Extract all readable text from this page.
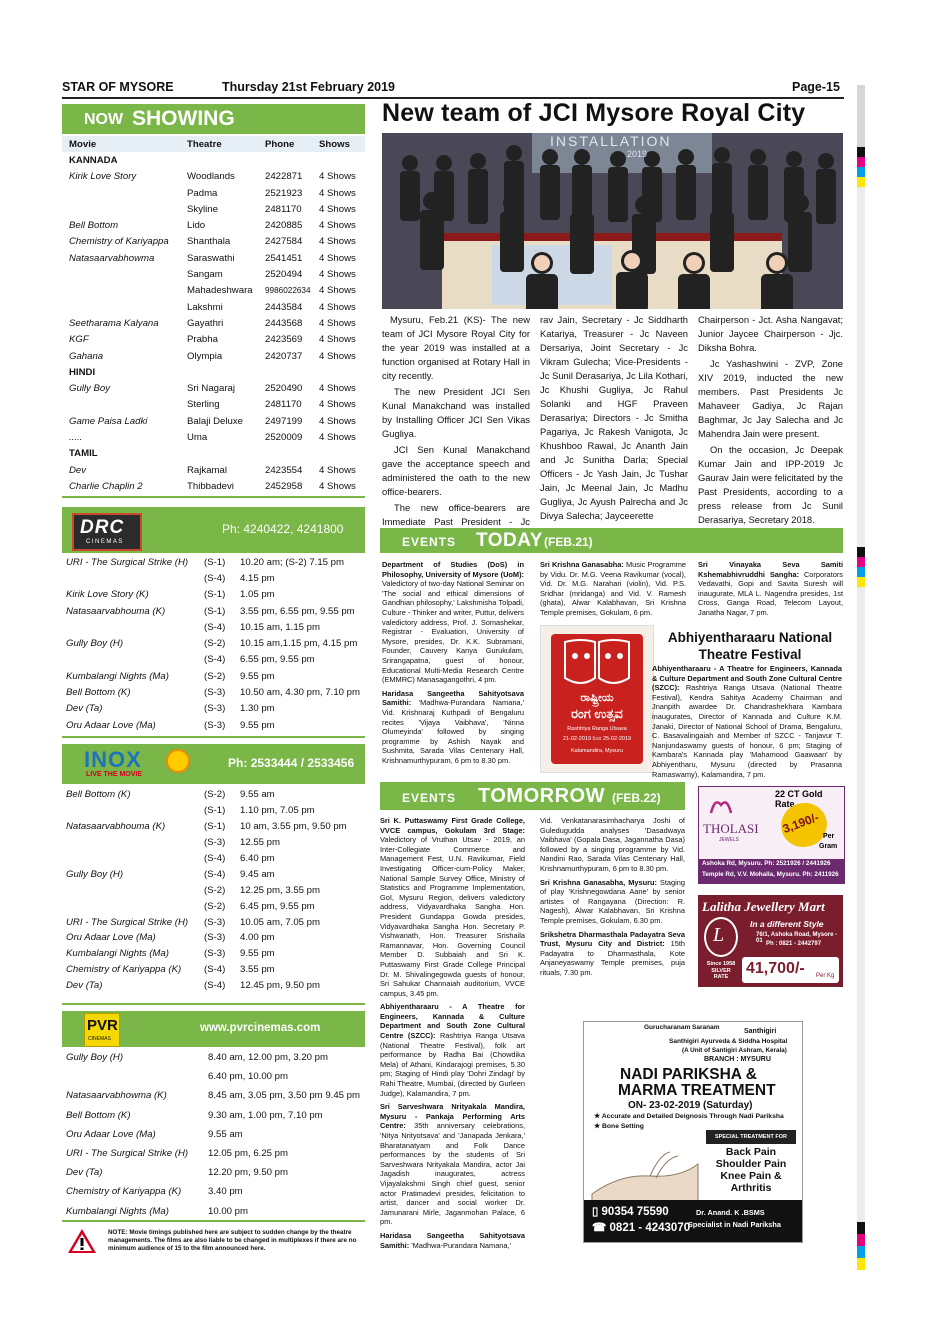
STAR OF MYSORE	Thursday 21st February 2019	Page-15
NOW SHOWING
Movie	Theatre	Phone	Shows
KANNADA			
Kirik Love Story	Woodlands	2422871	4 Shows
	Padma	2521923	4 Shows
	Skyline	2481170	4 Shows
Bell Bottom	Lido	2420885	4 Shows
Chemistry of Kariyappa	Shanthala	2427584	4 Shows
Natasaarvabhowma	Saraswathi	2541451	4 Shows
	Sangam	2520494	4 Shows
	Mahadeshwara	9986022634	4 Shows
	Lakshmi	2443584	4 Shows
Seetharama Kalyana	Gayathri	2443568	4 Shows
KGF	Prabha	2423569	4 Shows
Gahana	Olympia	2420737	4 Shows
HINDI			
Gully Boy	Sri Nagaraj	2520490	4 Shows
	Sterling	2481170	4 Shows
Game Paisa Ladki	Balaji Deluxe	2497199	4 Shows
.....	Uma	2520009	4 Shows
TAMIL			
Dev	Rajkamal	2423554	4 Shows
Charlie Chaplin 2	Thibbadevi	2452958	4 Shows
DRC
CINEMAS
Ph: 4240422, 4241800
URI - The Surgical Strike (H)	(S-1)	10.20 am; (S-2) 7.15 pm
	(S-4)	4.15 pm
Kirik Love Story (K)	(S-1)	1.05 pm
Natasaarvabhouma (K)	(S-1)	3.55 pm, 6.55 pm, 9.55 pm
	(S-4)	10.15 am, 1.15 pm
Gully Boy (H)	(S-2)	10.15 am,1.15 pm, 4.15 pm
	(S-4)	6.55 pm, 9.55 pm
Kumbalangi Nights (Ma)	(S-2)	9.55 pm
Bell Bottom (K)	(S-3)	10.50 am, 4.30 pm, 7.10 pm
Dev (Ta)	(S-3)	1.30 pm
Oru Adaar Love (Ma)	(S-3)	9.55 pm
INOX
LIVE THE MOVIE
Ph: 2533444 / 2533456
Bell Bottom (K)	(S-2)	9.55 am
	(S-1)	1.10 pm, 7.05 pm
Natasaarvabhouma (K)	(S-1)	10 am, 3.55 pm, 9.50 pm
	(S-3)	12.55 pm
	(S-4)	6.40 pm
Gully Boy (H)	(S-4)	9.45 am
	(S-2)	12.25 pm, 3.55 pm
	(S-2)	6.45 pm, 9.55 pm
URI - The Surgical Strike (H)	(S-3)	10.05 am, 7.05 pm
Oru Adaar Love (Ma)	(S-3)	4.00 pm
Kumbalangi Nights (Ma)	(S-3)	9.55 pm
Chemistry of Kariyappa (K)	(S-4)	3.55 pm
Dev (Ta)	(S-4)	12.45 pm, 9.50 pm
PVR
CINEMAS
www.pvrcinemas.com
Gully Boy (H)	8.40 am, 12.00 pm, 3.20 pm
	6.40 pm, 10.00 pm
Natasaarvabhowma (K)	8.45 am, 3.05 pm, 3.50 pm 9.45 pm
Bell Bottom (K)	9.30 am, 1.00 pm, 7.10 pm
Oru Adaar Love (Ma)	9.55 am
URI - The Surgical Strike (H)	12.05 pm, 6.25 pm
Dev (Ta)	12.20 pm, 9.50 pm
Chemistry of Kariyappa (K)	3.40 pm
Kumbalangi Nights (Ma)	10.00 pm
NOTE: Movie timings published here are subject to sudden change by the theatre managements. The films are also liable to be changed in multiplexes if there are no minimum audience of 15 to the film announced here.
New team of JCI Mysore Royal City
INSTALLATION
2019

Mysuru, Feb.21 (KS)- The new team of JCI Mysore Royal City for the year 2019 was installed at a function organised at Rotary Hall in city recently.

The new President JCI Sen Kunal Manakchand was installed by Installing Officer JCI Sen Vikas Gugliya.

JCI Sen Kunal Manakchand gave the acceptance speech and administered the oath to the new office-bearers.

The new office-bearers are Immediate Past President - Jc

rav Jain, Secretary - Jc Siddharth Katariya, Treasurer - Jc Naveen Dersariya, Joint Secretary - Jc Vikram Gulecha; Vice-Presidents - Jc Sunil Derasariya, Jc Lila Kothari, Jc Khushi Gugliya, Jc Rahul Solanki and HGF Praveen Derasariya; Directors - Jc Smitha Pagariya, Jc Rakesh Vanigota, Jc Khushboo Rawal, Jc Ananth Jain and Jc Sunitha Darla; Special Officers - Jc Yash Jain, Jc Tushar Jain, Jc Meenal Jain, Jc Madhu Gugliya, Jc Ayush Palrecha and Jc Divya Salecha; Jayceerette

Chairperson - Jct. Asha Nangavat; Junior Jaycee Chairperson - Jjc. Diksha Bohra.

Jc Yashashwini - ZVP, Zone XIV 2019, inducted the new members. Past Presidents Jc Mahaveer Gadiya, Jc Rajan Baghmar, Jc Jay Salecha and Jc Mahendra Jain were present.

On the occasion, Jc Deepak Kumar Jain and IPP-2019 Jc Gaurav Jain were felicitated by the Past Presidents, according to a press release from Jc Sunil Derasariya, Secretary 2018.

EVENTS TODAY (FEB.21)

Department of Studies (DoS) in Philosophy, University of Mysore (UoM): Valedictory of two-day National Seminar on 'The social and ethical dimensions of Gandhian philosophy,' Lakshmisha Tolpadi, Culture - Thinker and writer, Puttur, delivers valedictory address, Prof. J. Somashekar, Registrar - Evaluation, University of Mysore, presides, Dr. K.K. Subramani, Founder, Cauvery Kanya Gurukulam, Srirangapatna, guest of honour, Educational Multi-Media Research Centre (EMMRC) Manasagangothri, 4 pm.

Haridasa Sangeetha Sahityotsava Samithi: 'Madhwa-Purandara Namana,' Vid. Krishnaraj Kuthpadi of Bengaluru recites 'Vijaya Vaibhava', 'Ninna Olumeyinda' followed by singing programme by Ashish Nayak and Sushmita, Sarada Vilas Centenary Hall, Krishnamurthypuram, 6 pm to 8.30 pm.

Sri Krishna Ganasabha: Music Programme by Vidu. Dr. M.G. Veena Ravikumar (vocal), Vid. Dr. M.G. Narahari (violin), Vid. P.S. Sridhar (mridanga) and Vid. V. Ramesh (ghata), Alwar Kalabhavan, Sri Krishna Temple premises, Gokulam, 6 pm.

Sri Vinayaka Seva Samiti Kshemabhivruddhi Sangha: Corporators Vedavathi, Gopi and Savita Suresh will inaugurate, MLA L. Nagendra presides, 1st Cross, Ganga Road, Telecom Layout, Janatha Nagar, 7 pm.

ರಾಷ್ಟ್ರೀಯ
ರಂಗ ಉತ್ಸವ
Rashtriya Ranga Utsava
21-02-2019 ರಿಂದ 25-02-2019
Kalamandira, Mysuru
Abhiyentharaaru National
Theatre Festival
Abhiyentharaaru - A Theatre for Engineers, Kannada & Culture Department and South Zone Cultural Centre (SZCC): Rashtriya Ranga Utsava (National Theatre Festival), Kendra Sahitya Academy Chairman and Jnanpith awardee Dr. Chandrashekhara Kambara inaugurates, Director of Kannada and Culture K.M. Janaki, Director of National School of Drama, Bengaluru, C. Basavalingaiah and Member of SZCC - Tanjavur T. Nanjundaswamy guests of honour, 6 pm; Staging of Kambara's Kannada play 'Mahamood Gaawaan' by Abhiyentharu, Mysuru (directed by Prasanna Ramaswamy), Kalamandira, 7 pm.
EVENTS TOMORROW (FEB.22)

Sri K. Puttaswamy First Grade College, VVCE campus, Gokulam 3rd Stage: Valedictory of Vruthan Utsav - 2019, an Inter-Collegiate Commerce and Management Fest, U.N. Ravikumar, Field Investigating Officer-cum-Policy Maker, National Sample Survey Office, Ministry of Statistics and Programme Implementation, GoI, Mysuru Region, delivers valedictory address, Vidyavardhaka Sangha Hon. President Gundappa Gowda presides, Vidyavardhaka Sangha Hon. Secretary P. Vishwanath, Hon. Treasurer Srishaila Ramannavar, Hon. Governing Council Member D. Subbaiah and Sri K. Puttaswamy First Grade College Principal Dr. M. Shivalingegowda guests of honour, Sri Sahukar Channaiah auditorium, VVCE campus, 3.45 pm.

Abhiyentharaaru - A Theatre for Engineers, Kannada & Culture Department and South Zone Cultural Centre (SZCC): Rashtriya Ranga Utsava (National Theatre Festival), folk art performance by Radha Bai (Chowdika Mela) of Athani, Kindarajogi premises, 5.30 pm; Staging of Hindi play 'Dohri Zindagi' by Rahi Theatre, Mumbai, (directed by Gurleen Judge), Kalamandira, 7 pm.

Sri Sarveshwara Nrityakala Mandira, Mysuru - Pankaja Performing Arts Centre: 35th anniversary celebrations, 'Nitya Nrityotsava' and 'Janapada Jenkara,' Bharatanatyam and Folk Dance performances by the students of Sri Sarveshwara Nrityakala Mandira, actor Jai Jagadish inaugurates, actress Vijayalakshmi Singh chief guest, senior actor Pratimadevi presides, felicitation to artist, dancer and social worker Dr. Jamunarani Mirle, Jaganmohan Palace, 6 pm.

Haridasa Sangeetha Sahityotsava Samithi: 'Madhwa-Purandara Namana,'

Vid. Venkatanarasimhacharya Joshi of Guledugudda analyses 'Dasadwaya Vaibhava' (Gopala Dasa, Jagannatha Dasa) followed by a singing programme by Vid. Nandini Rao, Sarada Vilas Centenary Hall, Krishnamurthypuram, 6 pm to 8.30 pm.

Sri Krishna Ganasabha, Mysuru: Staging of play 'Krishnegowdana Aane' by senior artistes of Rangayana (Direction: R. Nagesh), Alwar Kalabhavan, Sri Krishna Temple premises, Gokulam, 6.30 pm.

Srikshetra Dharmasthala Padayatra Seva Trust, Mysuru City and District: 15th Padayatra to Dharmasthala, Kote Anjaneyaswamy Temple premises, puja rituals, 7.30 pm.

22 CT Gold Rate
THOLASI
JEWELS
3,190/-
Per
Gram
Ashoka Rd, Mysuru. Ph: 2521926 / 2441926
Temple Rd, V.V. Mohalla, Mysuru. Ph: 2411926
Lalitha Jewellery Mart
L	In a different Style
76/1, Ashoka Road, Mysore - 01 Ph : 0821 - 2442797
Since 1958
SILVER
RATE	41,700/- Per Kg
Gurucharanam Saranam
Santhigiri
Santhigiri Ayurveda & Siddha Hospital
(A Unit of Santigiri Ashram, Kerala)
BRANCH : MYSURU
NADI PARIKSHA &
MARMA TREATMENT
ON- 23-02-2019 (Saturday)
★ Accurate and Detailed Deignosis Through Nadi Pariksha
★ Bone Setting
SPECIAL TREATMENT FOR
Back Pain
Shoulder Pain
Knee Pain &
Arthritis
▯ 90354 75590
☎ 0821 - 4243070
Dr. Anand. K .BSMS
Specialist in Nadi Pariksha
